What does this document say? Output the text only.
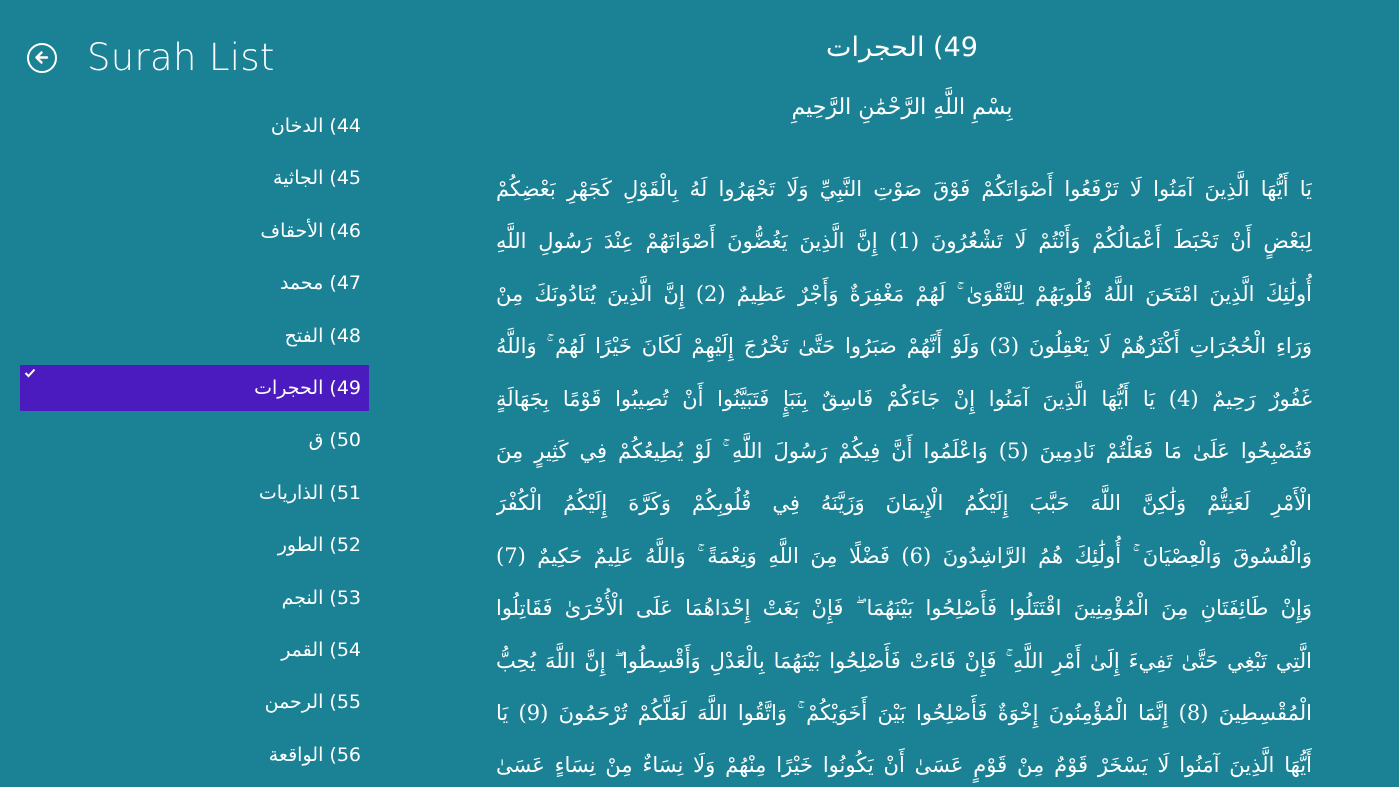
Surah List
44) الدخان
45) الجاثية
46) الأحقاف
47) محمد
48) الفتح
49) الحجرات
50) ق
51) الذاريات
52) الطور
53) النجم
54) القمر
55) الرحمن
56) الواقعة
49) الحجرات
بِسْمِ اللَّهِ الرَّحْمَٰنِ الرَّحِيمِ
يَا أَيُّهَا الَّذِينَ آمَنُوا لَا تَرْفَعُوا أَصْوَاتَكُمْ فَوْقَ صَوْتِ النَّبِيِّ وَلَا تَجْهَرُوا لَهُ بِالْقَوْلِ كَجَهْرِ بَعْضِكُمْ
لِبَعْضٍ أَنْ تَحْبَطَ أَعْمَالُكُمْ وَأَنْتُمْ لَا تَشْعُرُونَ (1) إِنَّ الَّذِينَ يَغُضُّونَ أَصْوَاتَهُمْ عِنْدَ رَسُولِ اللَّهِ
أُولَٰئِكَ الَّذِينَ امْتَحَنَ اللَّهُ قُلُوبَهُمْ لِلتَّقْوَىٰ ۚ لَهُمْ مَغْفِرَةٌ وَأَجْرٌ عَظِيمٌ (2) إِنَّ الَّذِينَ يُنَادُونَكَ مِنْ
وَرَاءِ الْحُجُرَاتِ أَكْثَرُهُمْ لَا يَعْقِلُونَ (3) وَلَوْ أَنَّهُمْ صَبَرُوا حَتَّىٰ تَخْرُجَ إِلَيْهِمْ لَكَانَ خَيْرًا لَهُمْ ۚ وَاللَّهُ
غَفُورٌ رَحِيمٌ (4) يَا أَيُّهَا الَّذِينَ آمَنُوا إِنْ جَاءَكُمْ فَاسِقٌ بِنَبَإٍ فَتَبَيَّنُوا أَنْ تُصِيبُوا قَوْمًا بِجَهَالَةٍ
فَتُصْبِحُوا عَلَىٰ مَا فَعَلْتُمْ نَادِمِينَ (5) وَاعْلَمُوا أَنَّ فِيكُمْ رَسُولَ اللَّهِ ۚ لَوْ يُطِيعُكُمْ فِي كَثِيرٍ مِنَ
الْأَمْرِ لَعَنِتُّمْ وَلَٰكِنَّ اللَّهَ حَبَّبَ إِلَيْكُمُ الْإِيمَانَ وَزَيَّنَهُ فِي قُلُوبِكُمْ وَكَرَّهَ إِلَيْكُمُ الْكُفْرَ
وَالْفُسُوقَ وَالْعِصْيَانَ ۚ أُولَٰئِكَ هُمُ الرَّاشِدُونَ (6) فَضْلًا مِنَ اللَّهِ وَنِعْمَةً ۚ وَاللَّهُ عَلِيمٌ حَكِيمٌ (7)
وَإِنْ طَائِفَتَانِ مِنَ الْمُؤْمِنِينَ اقْتَتَلُوا فَأَصْلِحُوا بَيْنَهُمَا ۖ فَإِنْ بَغَتْ إِحْدَاهُمَا عَلَى الْأُخْرَىٰ فَقَاتِلُوا
الَّتِي تَبْغِي حَتَّىٰ تَفِيءَ إِلَىٰ أَمْرِ اللَّهِ ۚ فَإِنْ فَاءَتْ فَأَصْلِحُوا بَيْنَهُمَا بِالْعَدْلِ وَأَقْسِطُوا ۖ إِنَّ اللَّهَ يُحِبُّ
الْمُقْسِطِينَ (8) إِنَّمَا الْمُؤْمِنُونَ إِخْوَةٌ فَأَصْلِحُوا بَيْنَ أَخَوَيْكُمْ ۚ وَاتَّقُوا اللَّهَ لَعَلَّكُمْ تُرْحَمُونَ (9) يَا
أَيُّهَا الَّذِينَ آمَنُوا لَا يَسْخَرْ قَوْمٌ مِنْ قَوْمٍ عَسَىٰ أَنْ يَكُونُوا خَيْرًا مِنْهُمْ وَلَا نِسَاءٌ مِنْ نِسَاءٍ عَسَىٰ
